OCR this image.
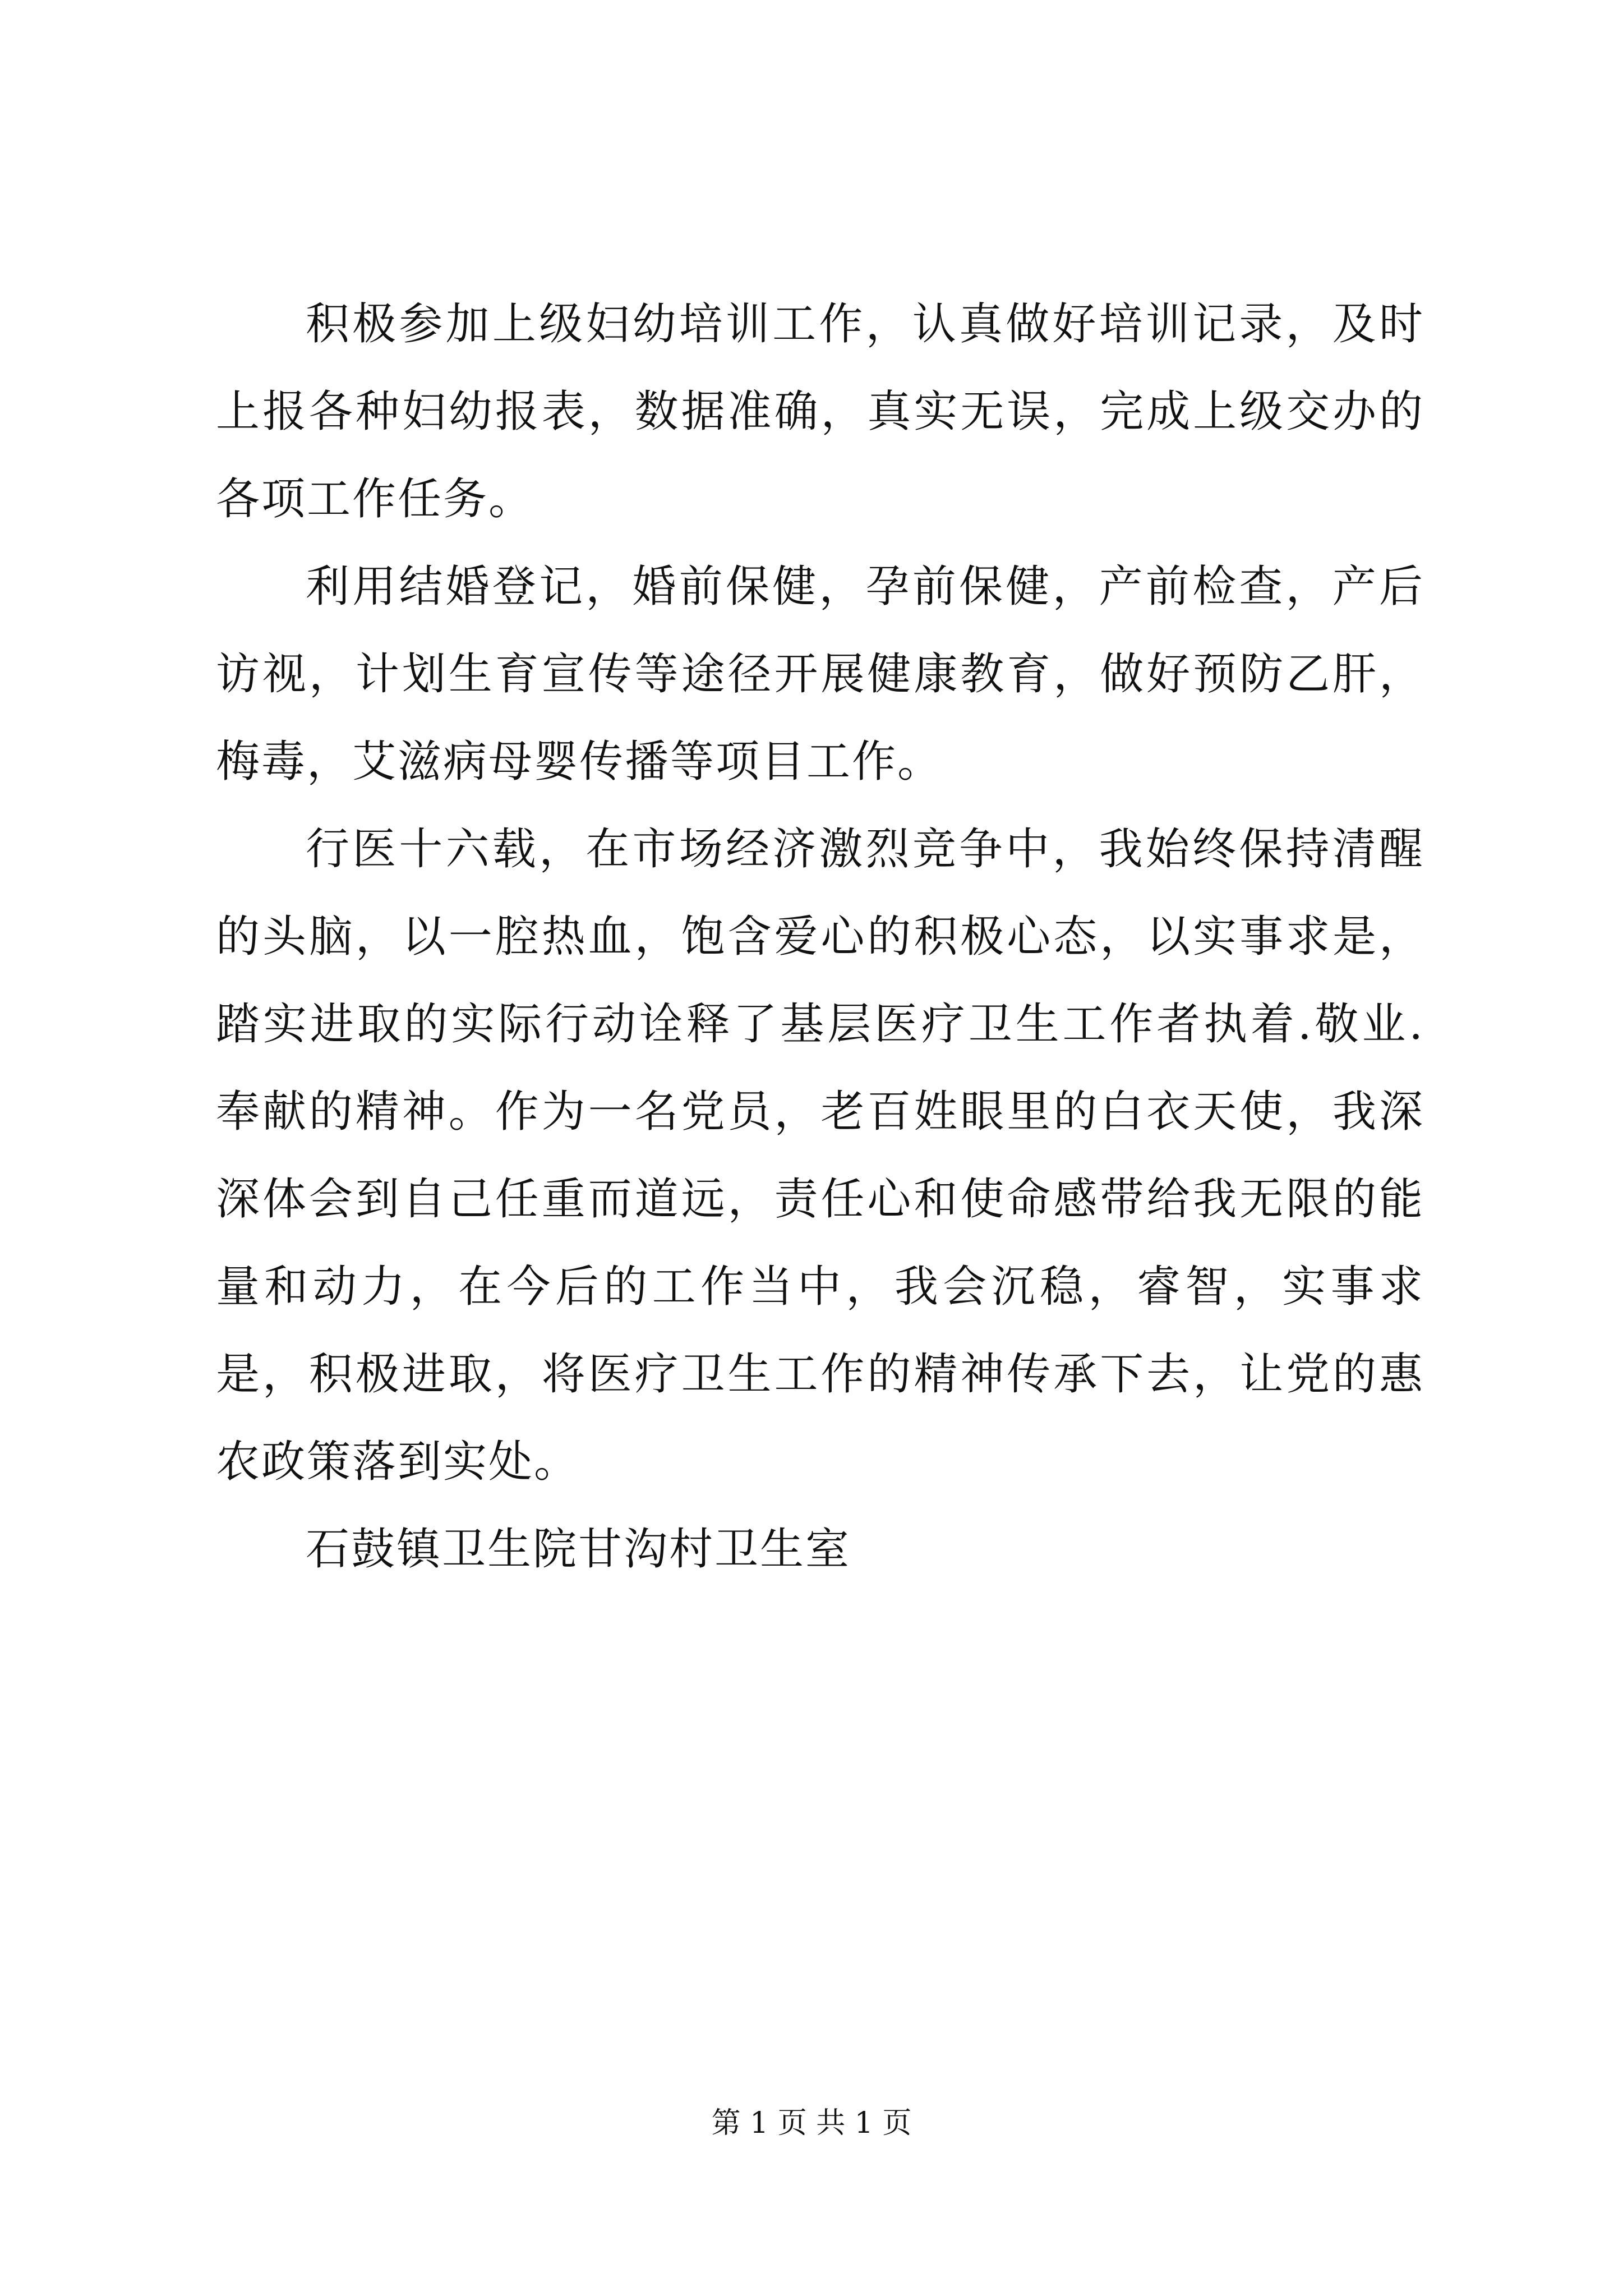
积极参加上级妇幼培训工作，认真做好培训记录，及时上报各种妇幼报表，数据准确，真实无误，完成上级交办的各项工作任务。

利用结婚登记，婚前保健，孕前保健，产前检查，产后访视，计划生育宣传等途径开展健康教育，做好预防乙肝，梅毒，艾滋病母婴传播等项目工作。

行医十六载，在市场经济激烈竞争中，我始终保持清醒的头脑，以一腔热血，饱含爱心的积极心态，以实事求是，踏实进取的实际行动诠释了基层医疗卫生工作者执着.敬业.奉献的精神。作为一名党员，老百姓眼里的白衣天使，我深深体会到自己任重而道远，责任心和使命感带给我无限的能量和动力，在今后的工作当中，我会沉稳，睿智，实事求是，积极进取，将医疗卫生工作的精神传承下去，让党的惠农政策落到实处。

石鼓镇卫生院甘沟村卫生室

第 1 页 共 1 页
